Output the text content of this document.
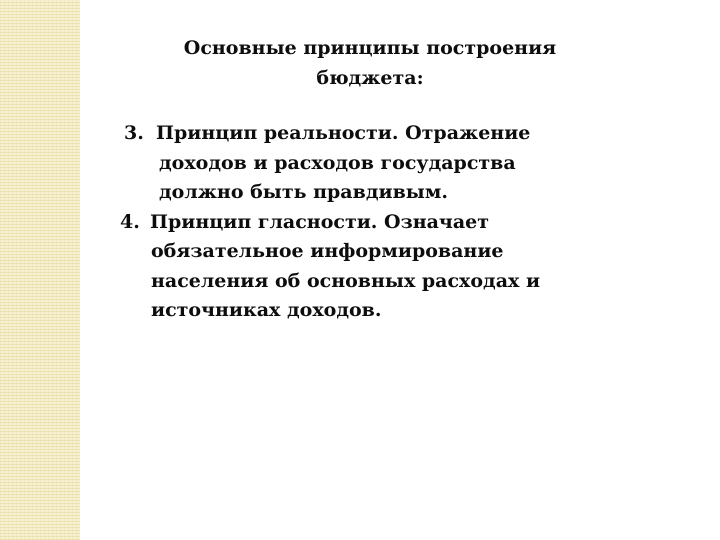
Основные принципы построения
бюджета:
3. Принцип реальности. Отражение
доходов и расходов государства
должно быть правдивым.
4. Принцип гласности. Означает
обязательное информирование
населения об основных расходах и
источниках доходов.
